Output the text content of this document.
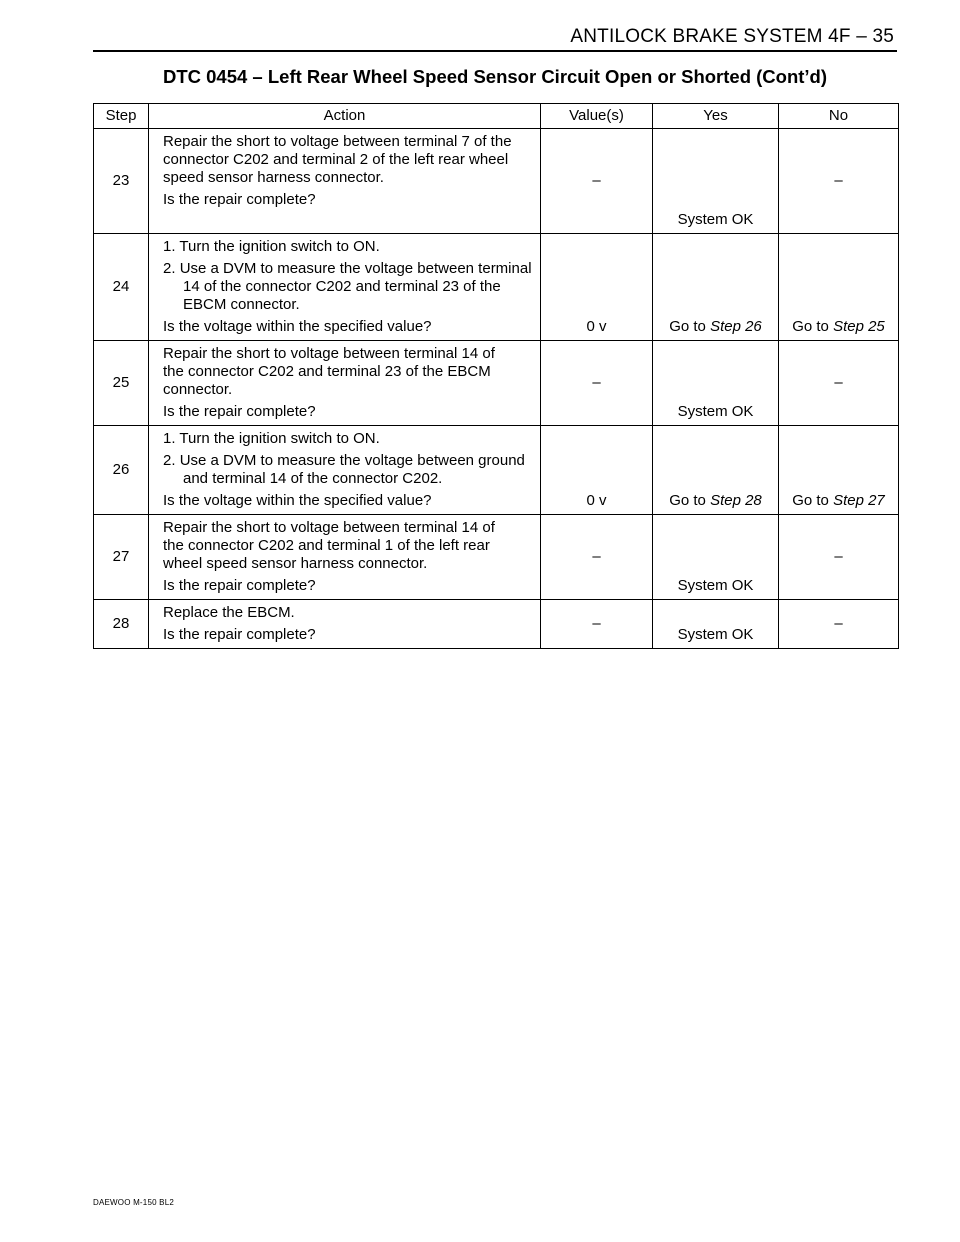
ANTILOCK BRAKE SYSTEM 4F – 35
DTC 0454 – Left Rear Wheel Speed Sensor Circuit Open or Shorted (Cont’d)
Step	Action	Value(s)	Yes	No
23	Repair the short to voltage between terminal 7 of the
connector C202 and terminal 2 of the left rear wheel
speed sensor harness connector.
Is the repair complete?	–	System OK	–
24	1. Turn the ignition switch to ON.
2. Use a DVM to measure the voltage between terminal 14 of the connector C202 and terminal 23 of the EBCM connector.
Is the voltage within the specified value?	0 v	Go to Step 26	Go to Step 25
25	Repair the short to voltage between terminal 14 of
the connector C202 and terminal 23 of the EBCM
connector.
Is the repair complete?	–	System OK	–
26	1. Turn the ignition switch to ON.
2. Use a DVM to measure the voltage between ground and terminal 14 of the connector C202.
Is the voltage within the specified value?	0 v	Go to Step 28	Go to Step 27
27	Repair the short to voltage between terminal 14 of
the connector C202 and terminal 1 of the left rear
wheel speed sensor harness connector.
Is the repair complete?	–	System OK	–
28	Replace the EBCM.
Is the repair complete?	–	System OK	–
DAEWOO M-150 BL2
